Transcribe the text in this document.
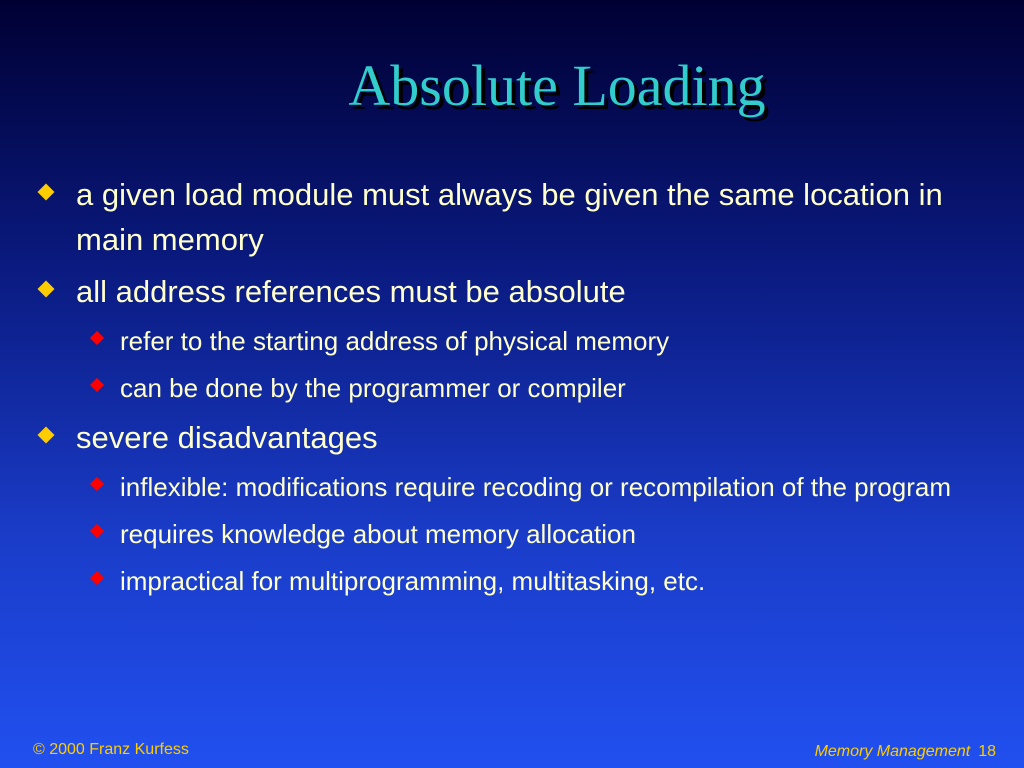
Absolute Loading
a given load module must always be given the same location in main memory
all address references must be absolute
refer to the starting address of physical memory
can be done by the programmer or compiler
severe disadvantages
inflexible: modifications require recoding or recompilation of the program
requires knowledge about memory allocation
impractical for multiprogramming, multitasking, etc.
© 2000 Franz Kurfess	Memory Management 18
